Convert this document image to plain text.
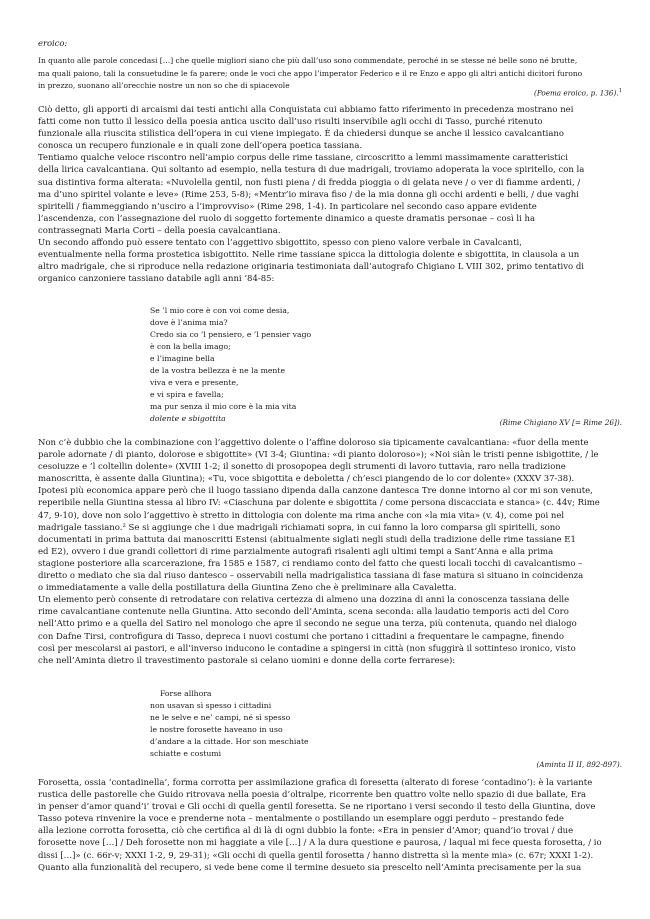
eroico:
In quanto alle parole concedasi […] che quelle migliori siano che più dall’uso sono commendate, peroché in se stesse né belle sono né brutte,
ma quali paiono, tali la consuetudine le fa parere; onde le voci che appo l’imperator Federico e il re Enzo e appo gli altri antichi dicitori furono
in prezzo, suonano all’orecchie nostre un non so che di spiacevole
(Poema eroico, p. 136).$^1$
Ciò detto, gli apporti di arcaismi dai testi antichi alla Conquistata cui abbiamo fatto riferimento in precedenza mostrano nei
fatti come non tutto il lessico della poesia antica uscito dall’uso risulti inservibile agli occhi di Tasso, purché ritenuto
funzionale alla riuscita stilistica dell’opera in cui viene impiegato. È da chiedersi dunque se anche il lessico cavalcantiano
conosca un recupero funzionale e in quali zone dell’opera poetica tassiana.
Tentiamo qualche veloce riscontro nell’ampio corpus delle rime tassiane, circoscritto a lemmi massimamente caratteristici
della lirica cavalcantiana. Qui soltanto ad esempio, nella testura di due madrigali, troviamo adoperata la voce spiritello, con la
sua distintiva forma alterata: «Nuvolella gentil, non fusti piena / di fredda pioggia o di gelata neve / o ver di fiamme ardenti, /
ma d’uno spiritel volante e leve» (Rime 253, 5-8); «Mentr’io mirava fiso / de la mia donna gli occhi ardenti e belli, / due vaghi
spiritelli / fiammeggiando n’usciro a l’improvviso» (Rime 298, 1-4). In particolare nel secondo caso appare evidente
l’ascendenza, con l’assegnazione del ruolo di soggetto fortemente dinamico a queste dramatis personae – così li ha
contrassegnati Maria Corti – della poesia cavalcantiana.
Un secondo affondo può essere tentato con l’aggettivo sbigottito, spesso con pieno valore verbale in Cavalcanti,
eventualmente nella forma prostetica isbigottito. Nelle rime tassiane spicca la dittologia dolente e sbigottita, in clausola a un
altro madrigale, che si riproduce nella redazione originaria testimoniata dall’autografo Chigiano L VIII 302, primo tentativo di
organico canzoniere tassiano databile agli anni ’84-85:
Se ’l mio core è con voi come desia,
dove è l’anima mia?
Credo sia co ’l pensiero, e ’l pensier vago
è con la bella imago;
e l’imagine bella
de la vostra bellezza è ne la mente
viva e vera e presente,
e vi spira e favella;
ma pur senza il mio core è la mia vita
dolente e sbigottita	(Rime Chigiano XV [= Rime 26]).
Non c’è dubbio che la combinazione con l’aggettivo dolente o l’affine doloroso sia tipicamente cavalcantiana: «fuor della mente
parole adornate / di pianto, dolorose e sbigottite» (VI 3-4; Giuntina: «di pianto doloroso»); «Noi siàn le tristi penne isbigottite, / le
cesoiuzze e ’l coltellin dolente» (XVIII 1-2; il sonetto di prosopopea degli strumenti di lavoro tuttavia, raro nella tradizione
manoscritta, è assente dalla Giuntina); «Tu, voce sbigottita e deboletta / ch’esci piangendo de lo cor dolente» (XXXV 37-38).
Ipotesi più economica appare però che il luogo tassiano dipenda dalla canzone dantesca Tre donne intorno al cor mi son venute,
reperibile nella Giuntina stessa al libro IV: «Ciaschuna par dolente e sbigottita / come persona discacciata e stanca» (c. 44v; Rime
47, 9-10), dove non solo l’aggettivo è stretto in dittologia con dolente ma rima anche con «la mia vita» (v. 4), come poi nel
madrigale tassiano.² Se si aggiunge che i due madrigali richiamati sopra, in cui fanno la loro comparsa gli spiritelli, sono
documentati in prima battuta dai manoscritti Estensi (abitualmente siglati negli studi della tradizione delle rime tassiane E1
ed E2), ovvero i due grandi collettori di rime parzialmente autografi risalenti agli ultimi tempi a Sant’Anna e alla prima
stagione posteriore alla scarcerazione, fra 1585 e 1587, ci rendiamo conto del fatto che questi locali tocchi di cavalcantismo –
diretto o mediato che sia dal riuso dantesco – osservabili nella madrigalistica tassiana di fase matura si situano in coincidenza
o immediatamente a valle della postillatura della Giuntina Zeno che è preliminare alla Cavaletta.
Un elemento però consente di retrodatare con relativa certezza di almeno una dozzina di anni la conoscenza tassiana delle
rime cavalcantiane contenute nella Giuntina. Atto secondo dell’Aminta, scena seconda: alla laudatio temporis acti del Coro
nell’Atto primo e a quella del Satiro nel monologo che apre il secondo ne segue una terza, più contenuta, quando nel dialogo
con Dafne Tirsi, controfigura di Tasso, depreca i nuovi costumi che portano i cittadini a frequentare le campagne, finendo
così per mescolarsi ai pastori, e all’inverso inducono le contadine a spingersi in città (non sfuggirà il sottinteso ironico, visto
che nell’Aminta dietro il travestimento pastorale si celano uomini e donne della corte ferrarese):
Forse allhora
non usavan sì spesso i cittadini
ne le selve e ne’ campi, né sì spesso
le nostre forosette haveano in uso
d’andare a la cittade. Hor son meschiate
schiatte e costumi
(Aminta II II, 892-897).
Forosetta, ossia ‘contadinella’, forma corrotta per assimilazione grafica di foresetta (alterato di forese ‘contadino’): è la variante
rustica delle pastorelle che Guido ritrovava nella poesia d’oltralpe, ricorrente ben quattro volte nello spazio di due ballate, Era
in penser d’amor quand’i’ trovai e Gli occhi di quella gentil foresetta. Se ne riportano i versi secondo il testo della Giuntina, dove
Tasso poteva rinvenire la voce e prenderne nota – mentalmente o postillando un esemplare oggi perduto – prestando fede
alla lezione corrotta forosetta, ciò che certifica al di là di ogni dubbio la fonte: «Era in pensier d’Amor; quand’io trovai / due
forosette nove […] / Deh forosette non mi haggiate a vile […] / A la dura questione e paurosa, / laqual mi fece questa forosetta, / io
dissi […]» (c. 66r-v; XXXI 1-2, 9, 29-31); «Gli occhi di quella gentil forosetta / hanno distretta sì la mente mia» (c. 67r; XXXI 1-2).
Quanto alla funzionalità del recupero, si vede bene come il termine desueto sia prescelto nell’Aminta precisamente per la sua
